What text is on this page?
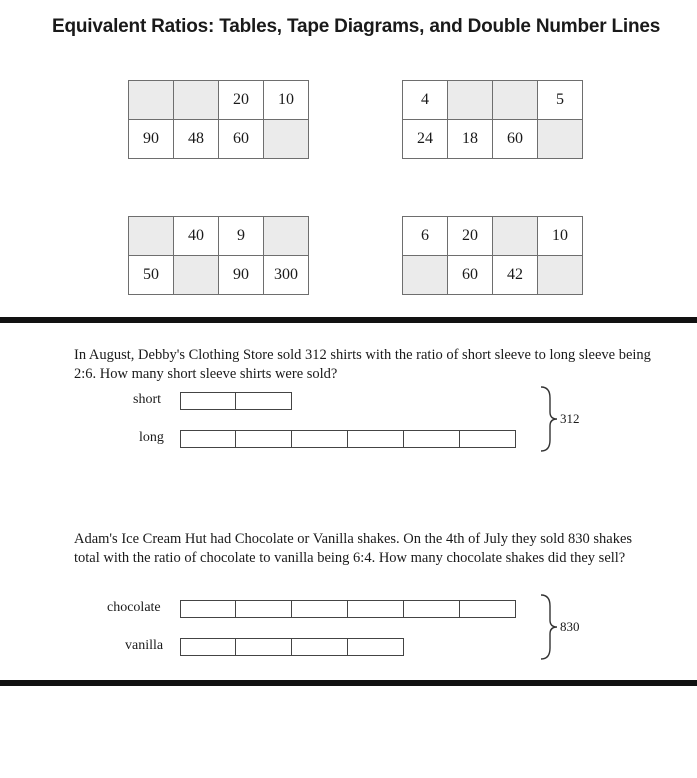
Equivalent Ratios: Tables, Tape Diagrams, and Double Number Lines
		20	10
90	48	60	
4			5
24	18	60	
	40	9	
50		90	300
6	20		10
	60	42	
In August, Debby's Clothing Store sold 312 shirts with the ratio of short sleeve to long sleeve being 2:6. How many short sleeve shirts were sold?
short
long
312
Adam's Ice Cream Hut had Chocolate or Vanilla shakes. On the 4th of July they sold 830 shakes total with the ratio of chocolate to vanilla being 6:4. How many chocolate shakes did they sell?
chocolate
vanilla
830
